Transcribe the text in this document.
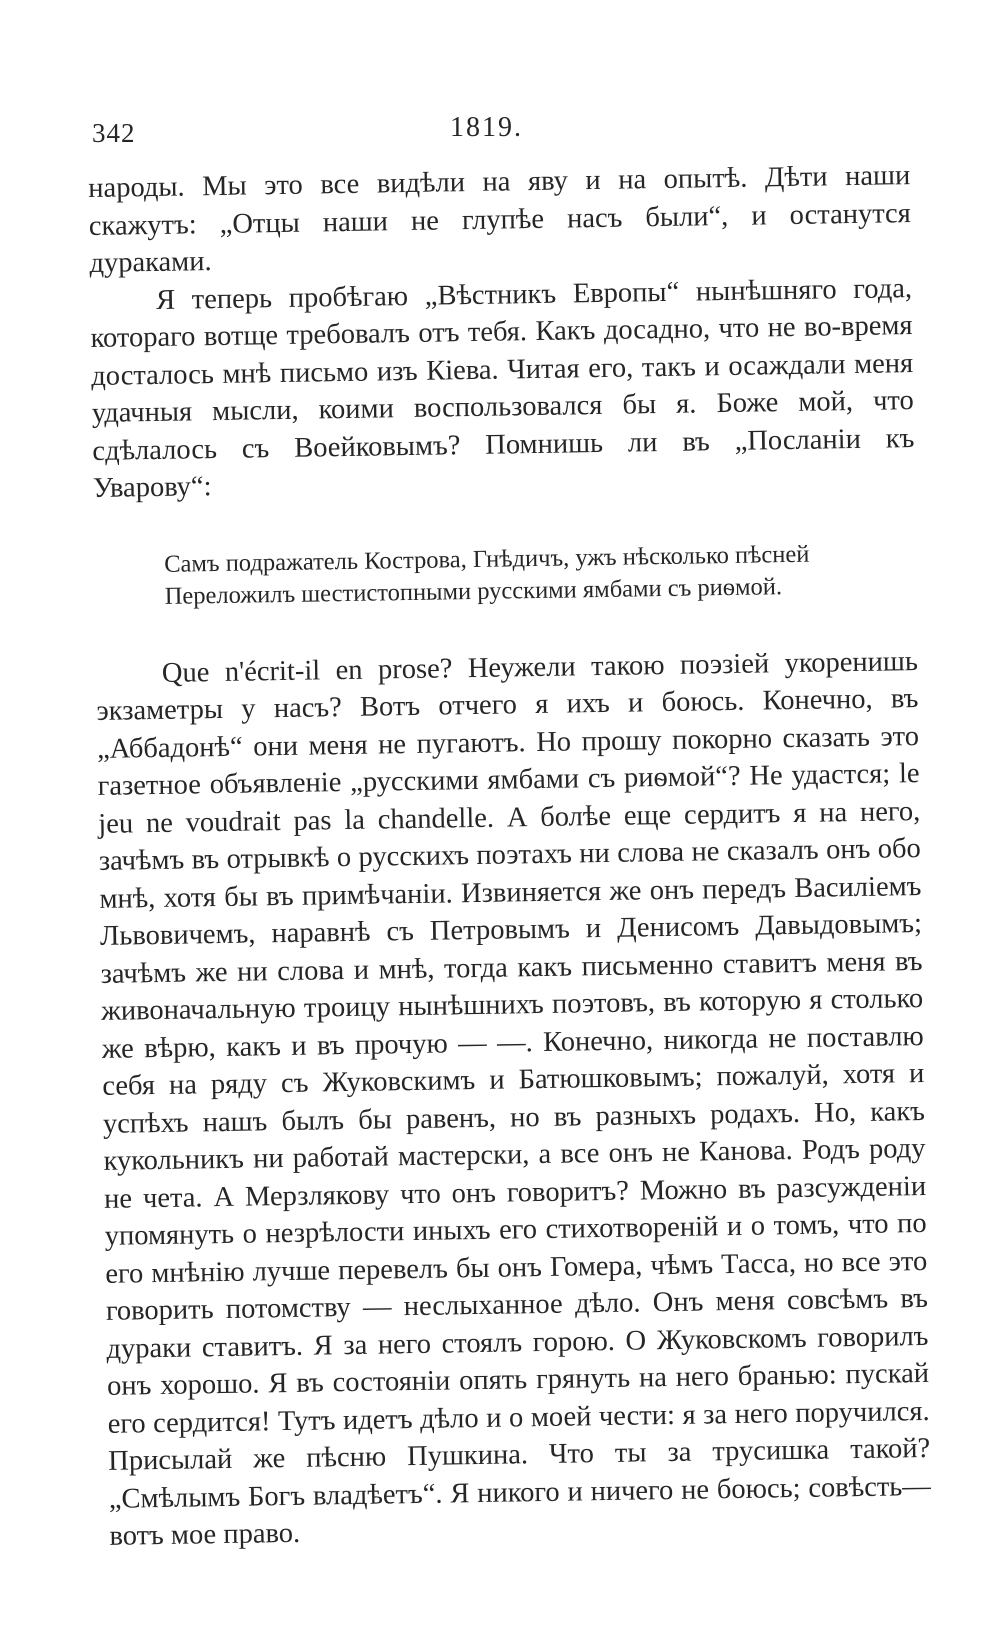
342	1819.

народы. Мы это все видѣли на яву и на опытѣ. Дѣти наши скажутъ: „Отцы наши не глупѣе насъ были“, и останутся дураками.

Я теперь пробѣгаю „Вѣстникъ Европы“ нынѣшняго года, котораго вотще требовалъ отъ тебя. Какъ досадно, что не во-время досталось мнѣ письмо изъ Кіева. Читая его, такъ и осаждали меня удачныя мысли, коими воспользовался бы я. Боже мой, что сдѣлалось съ Воейковымъ? Помнишь ли въ „Посланіи къ Уварову“:

Самъ подражатель Кострова, Гнѣдичъ, ужъ нѣсколько пѣсней

Переложилъ шестистопными русскими ямбами съ риѳмой.

Que n'écrit-il en prose? Неужели такою поэзіей укоренишь экзаметры у насъ? Вотъ отчего я ихъ и боюсь. Конечно, въ „Аббадонѣ“ они меня не пугаютъ. Но прошу покорно сказать это газетное объявленіе „русскими ямбами съ риѳмой“? Не удастся; le jeu ne voudrait pas la chandelle. А болѣе еще сердитъ я на него, зачѣмъ въ отрывкѣ о русскихъ поэтахъ ни слова не сказалъ онъ обо мнѣ, хотя бы въ примѣчаніи. Извиняется же онъ передъ Василіемъ Львовичемъ, наравнѣ съ Петровымъ и Денисомъ Давыдовымъ; зачѣмъ же ни слова и мнѣ, тогда какъ письменно ставитъ меня въ живоначальную троицу нынѣшнихъ поэтовъ, въ которую я столько же вѣрю, какъ и въ прочую — —. Конечно, никогда не поставлю себя на ряду съ Жуковскимъ и Батюшковымъ; пожалуй, хотя и успѣхъ нашъ былъ бы равенъ, но въ разныхъ родахъ. Но, какъ кукольникъ ни работай мастерски, а все онъ не Канова. Родъ роду не чета. А Мерзлякову что онъ говоритъ? Можно въ разсужденіи упомянуть о незрѣлости иныхъ его стихотвореній и о томъ, что по его мнѣнію лучше перевелъ бы онъ Гомера, чѣмъ Тасса, но все это говорить потомству — неслыханное дѣло. Онъ меня совсѣмъ въ дураки ставитъ. Я за него стоялъ горою. О Жуковскомъ говорилъ онъ хорошо. Я въ состояніи опять грянуть на него бранью: пускай его сердится! Тутъ идетъ дѣло и о моей чести: я за него поручился. Присылай же пѣсню Пушкина. Что ты за трусишка такой? „Смѣлымъ Богъ владѣетъ“. Я никого и ничего не боюсь; совѣсть—вотъ мое право.
